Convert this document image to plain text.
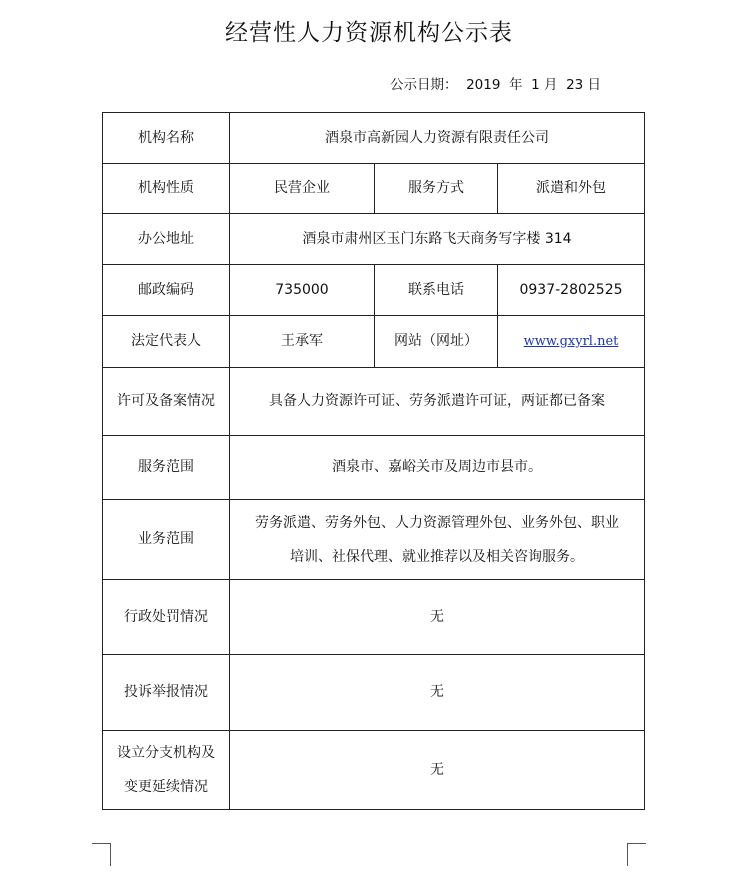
经营性人力资源机构公示表
公示日期：  2019  年  1 月  23 日
机构名称	酒泉市高新园人力资源有限责任公司		
机构性质	民营企业	服务方式	派遣和外包
办公地址	酒泉市肃州区玉门东路飞天商务写字楼 314		
邮政编码	735000	联系电话	0937-2802525
法定代表人	王承军	网站（网址）	www.gxyrl.net
许可及备案情况	具备人力资源许可证、劳务派遣许可证，两证都已备案		
服务范围	酒泉市、嘉峪关市及周边市县市。		
业务范围	劳务派遣、劳务外包、人力资源管理外包、业务外包、职业
培训、社保代理、就业推荐以及相关咨询服务。		

行政处罚情况	无		
投诉举报情况	无		

设立分支机构及
变更延续情况	无		
